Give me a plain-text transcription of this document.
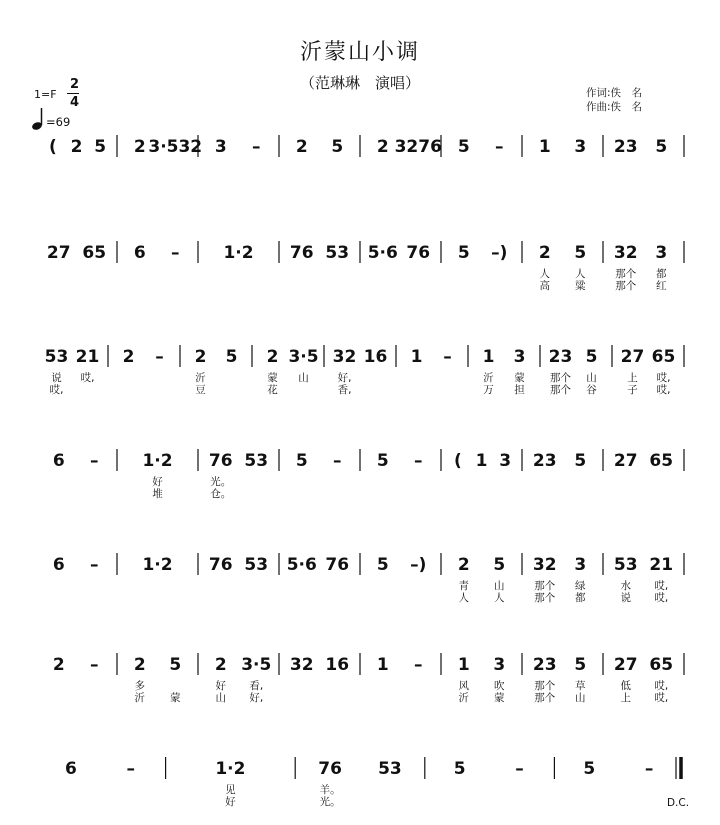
沂蒙山小调
（范琳琳　演唱）
作词:佚　名
作曲:佚　名
1=F
2
4
=69
( 2 5 2 3·532 3 – 2 5 2 3276 5 – 1 3 23 5
27 65 6 –	1·2 76 53 5·6 76 5 –) 2
人
高
5
人
粱
32
那个
那个
3
都
红
53
说
哎,
21
哎,
2 – 2
沂
豆
5 2
蒙
花
3·5
山
32
好,
香,
16 1 – 1
沂
万
3
蒙
担
23
那个
那个
5
山
谷
27
上
子
65
哎,
哎,
6 –	1·2
好
堆
76
光。
仓。
53 5 – 5 – ( 1 3 23 5 27 65
6 –	1·2 76 53 5·6 76 5 –) 2
青
人
5
山
人
32
那个
那个
3
绿
都
53
水
说
21
哎,
哎,
2 – 2
多
沂
5
蒙
2
好
山
3·5
看,
好,
32 16 1 – 1
风
沂
3
吹
蒙
23
那个
那个
5
草
山
27
低
上
65
哎,
哎,
6	–	1·2
见
好
76
羊。
光。
53	5	–	5	–
D.C.
